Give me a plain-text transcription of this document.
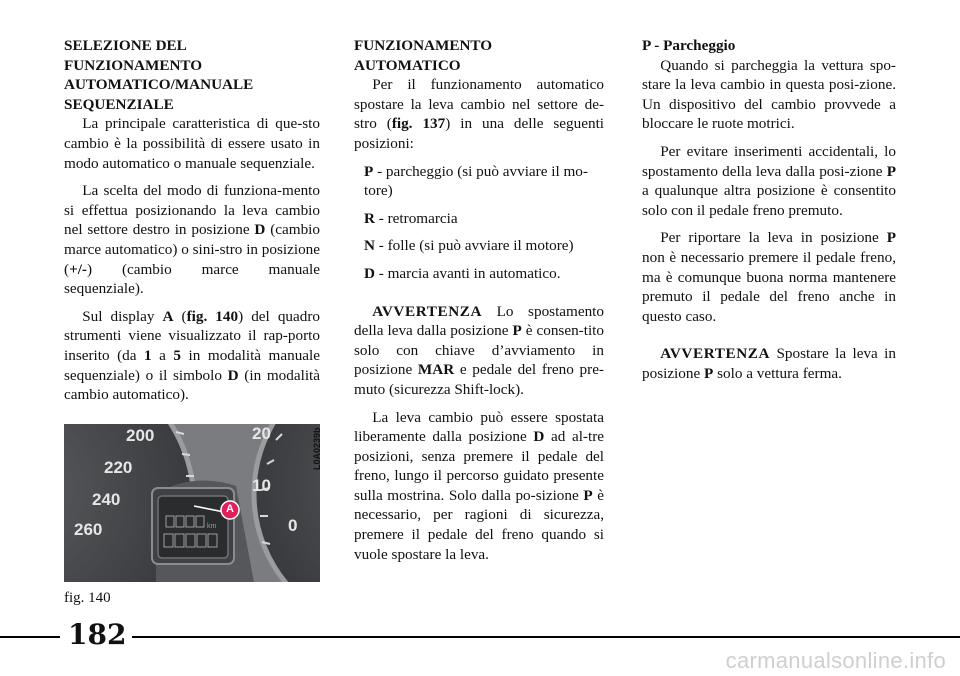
SELEZIONE DEL
FUNZIONAMENTO
AUTOMATICO/MANUALE
SEQUENZIALE

La principale caratteristica di que-sto cambio è la possibilità di essere usato in modo automatico o manuale sequenziale.

La scelta del modo di funziona-mento si effettua posizionando la leva cambio nel settore destro in posizione D (cambio marce automatico) o sini-stro in posizione (+/-) (cambio marce manuale sequenziale).

Sul display A (fig. 140) del quadro strumenti viene visualizzato il rap-porto inserito (da 1 a 5 in modalità manuale sequenziale) o il simbolo D (in modalità cambio automatico).

200
220
240
260
20
10
0
km
A
L0A0239b
fig. 140
FUNZIONAMENTO
AUTOMATICO

Per il funzionamento automatico spostare la leva cambio nel settore de-stro (fig. 137) in una delle seguenti posizioni:

P - parcheggio (si può avviare il mo-tore)

R - retromarcia

N - folle (si può avviare il motore)

D - marcia avanti in automatico.

AVVERTENZA Lo spostamento della leva dalla posizione P è consen-tito solo con chiave d’avviamento in posizione MAR e pedale del freno pre-muto (sicurezza Shift-lock).

La leva cambio può essere spostata liberamente dalla posizione D ad al-tre posizioni, senza premere il pedale del freno, lungo il percorso guidato presente sulla mostrina. Solo dalla po-sizione P è necessario, per ragioni di sicurezza, premere il pedale del freno quando si vuole spostare la leva.

P - Parcheggio

Quando si parcheggia la vettura spo-stare la leva cambio in questa posi-zione. Un dispositivo del cambio provvede a bloccare le ruote motrici.

Per evitare inserimenti accidentali, lo spostamento della leva dalla posi-zione P a qualunque altra posizione è consentito solo con il pedale freno premuto.

Per riportare la leva in posizione P non è necessario premere il pedale freno, ma è comunque buona norma mantenere premuto il pedale del freno anche in questo caso.

AVVERTENZA Spostare la leva in posizione P solo a vettura ferma.

182
carmanualsonline.info
